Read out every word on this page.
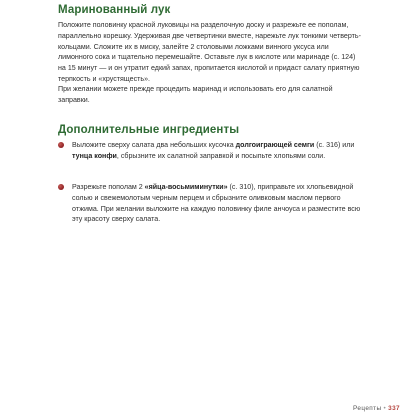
Маринованный лук

Положите половинку красной луковицы на разделочную доску и разрежьте ее пополам, параллельно корешку. Удерживая две четвертинки вместе, нарежьте лук тонкими четверть-кольцами. Сложите их в миску, залейте 2 столовыми ложками винного уксуса или лимонного сока и тщательно перемешайте. Оставьте лук в кислоте или маринаде (с. 124) на 15 минут — и он утратит едкий запах, пропитается кислотой и придаст салату приятную терпкость и «хрустящесть».

При желании можете прежде процедить маринад и использовать его для салатной заправки.

Дополнительные ингредиенты

Выложите сверху салата два небольших кусочка долгоиграющей семги (с. 316) или тунца конфи, сбрызните их салатной заправкой и посыпьте хлопьями соли.

Разрежьте пополам 2 «яйца-восьмиминутки» (с. 310), приправьте их хлопьевидной солью и свежемолотым черным перцем и сбрызните оливковым маслом первого отжима. При желании выложите на каждую половинку филе анчоуса и разместите всю эту красоту сверху салата.

Рецепты • 337
